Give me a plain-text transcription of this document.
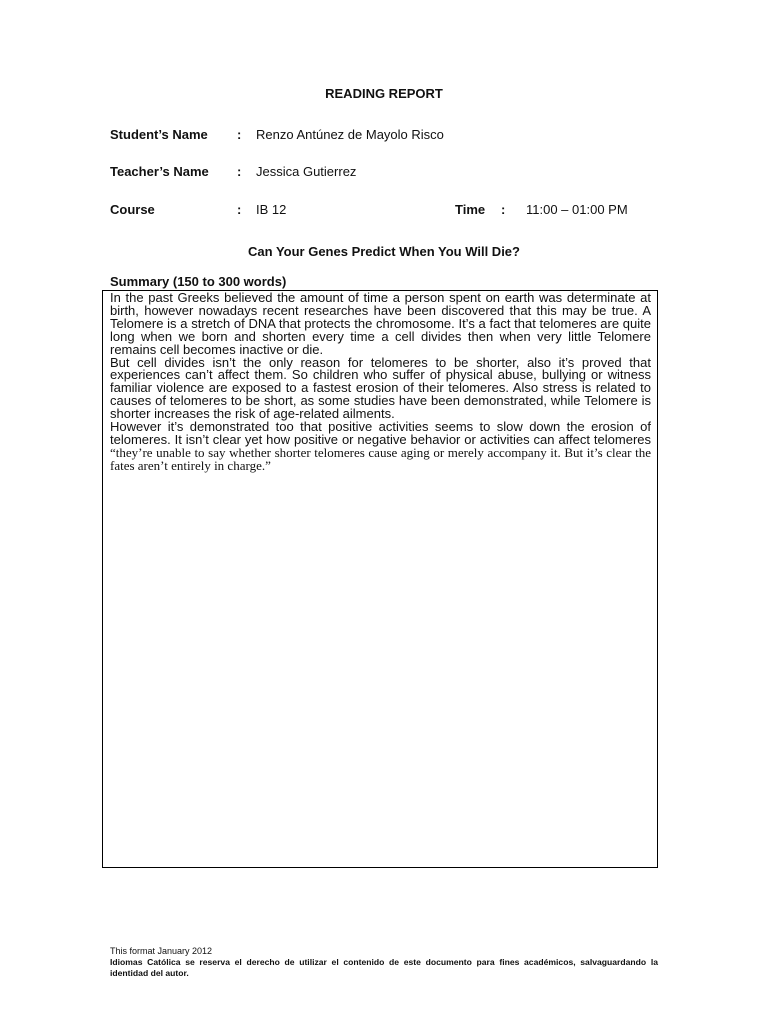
READING REPORT
Student’s Name : Renzo Antúnez de Mayolo Risco
Teacher’s Name : Jessica Gutierrez
Course	: IB 12	Time : 11:00 – 01:00 PM
Can Your Genes Predict When You Will Die?
Summary (150 to 300 words)

In the past Greeks believed the amount of time a person spent on earth was determinate at birth, however nowadays recent researches have been discovered that this may be true. A Telomere is a stretch of DNA that protects the chromosome. It’s a fact that telomeres are quite long when we born and shorten every time a cell divides then when very little Telomere remains cell becomes inactive or die.

But cell divides isn’t the only reason for telomeres to be shorter, also it’s proved that experiences can’t affect them. So children who suffer of physical abuse, bullying or witness familiar violence are exposed to a fastest erosion of their telomeres. Also stress is related to causes of telomeres to be short, as some studies have been demonstrated, while Telomere is shorter increases the risk of age-related ailments.

However it’s demonstrated too that positive activities seems to slow down the erosion of telomeres. It isn’t clear yet how positive or negative behavior or activities can affect telomeres “they’re unable to say whether shorter telomeres cause aging or merely accompany it. But it’s clear the fates aren’t entirely in charge.”

This format January 2012

Idiomas Católica se reserva el derecho de utilizar el contenido de este documento para fines académicos, salvaguardando la identidad del autor.
